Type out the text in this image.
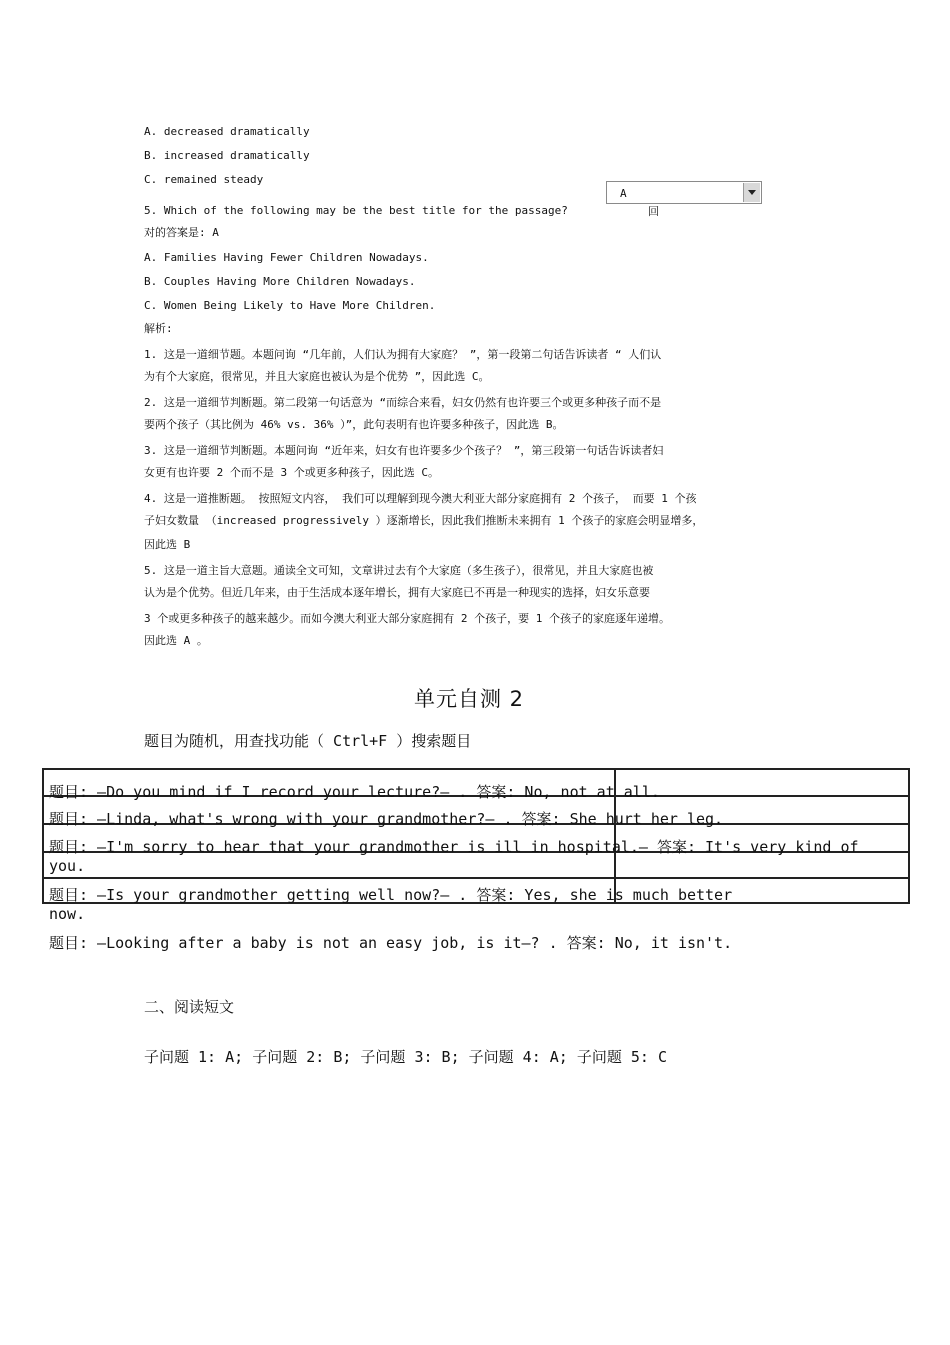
A. decreased dramatically
B. increased dramatically
C. remained steady
A
5. Which of the following may be the best title for the passage?	回
对的答案是: A
A. Families Having Fewer Children Nowadays.
B. Couples Having More Children Nowadays.
C. Women Being Likely to Have More Children.
解析:
1. 这是一道细节题。本题问询 “几年前，人们认为拥有大家庭？ ”，第一段第二句话告诉读者 “ 人们认
为有个大家庭，很常见，并且大家庭也被认为是个优势 ”，因此选 C。
2. 这是一道细节判断题。第二段第一句话意为 “而综合来看，妇女仍然有也许要三个或更多种孩子而不是
要两个孩子（其比例为 46% vs. 36% ）”，此句表明有也许要多种孩子，因此选 B。
3. 这是一道细节判断题。本题问询 “近年来，妇女有也许要多少个孩子？ ”，第三段第一句话告诉读者妇
女更有也许要 2 个而不是 3 个或更多种孩子，因此选 C。
4. 这是一道推断题。 按照短文内容， 我们可以理解到现今澳大利亚大部分家庭拥有 2 个孩子， 而要 1 个孩
子妇女数量 （increased progressively ）逐渐增长，因此我们推断未来拥有 1 个孩子的家庭会明显增多，
因此选 B
5. 这是一道主旨大意题。通读全文可知，文章讲过去有个大家庭（多生孩子），很常见，并且大家庭也被
认为是个优势。但近几年来，由于生活成本逐年增长，拥有大家庭已不再是一种现实的选择，妇女乐意要
3 个或更多种孩子的越来越少。而如今澳大利亚大部分家庭拥有 2 个孩子，要 1 个孩子的家庭逐年递增。
因此选 A 。
单元自测 2
题目为随机，用查找功能（ Ctrl+F ）搜索题目
题目: —Do you mind if I record your lecture?— . 答案: No, not at all.
题目: —Linda, what's wrong with your grandmother?— . 答案: She hurt her leg.
题目: —I'm sorry to hear that your grandmother is ill in hospital.— 答案: It's very kind of
you.
题目: —Is your grandmother getting well now?— . 答案: Yes, she is much better
now.
题目: —Looking after a baby is not an easy job, is it—? . 答案: No, it isn't.
二、阅读短文
子问题 1: A; 子问题 2: B; 子问题 3: B; 子问题 4: A; 子问题 5: C
